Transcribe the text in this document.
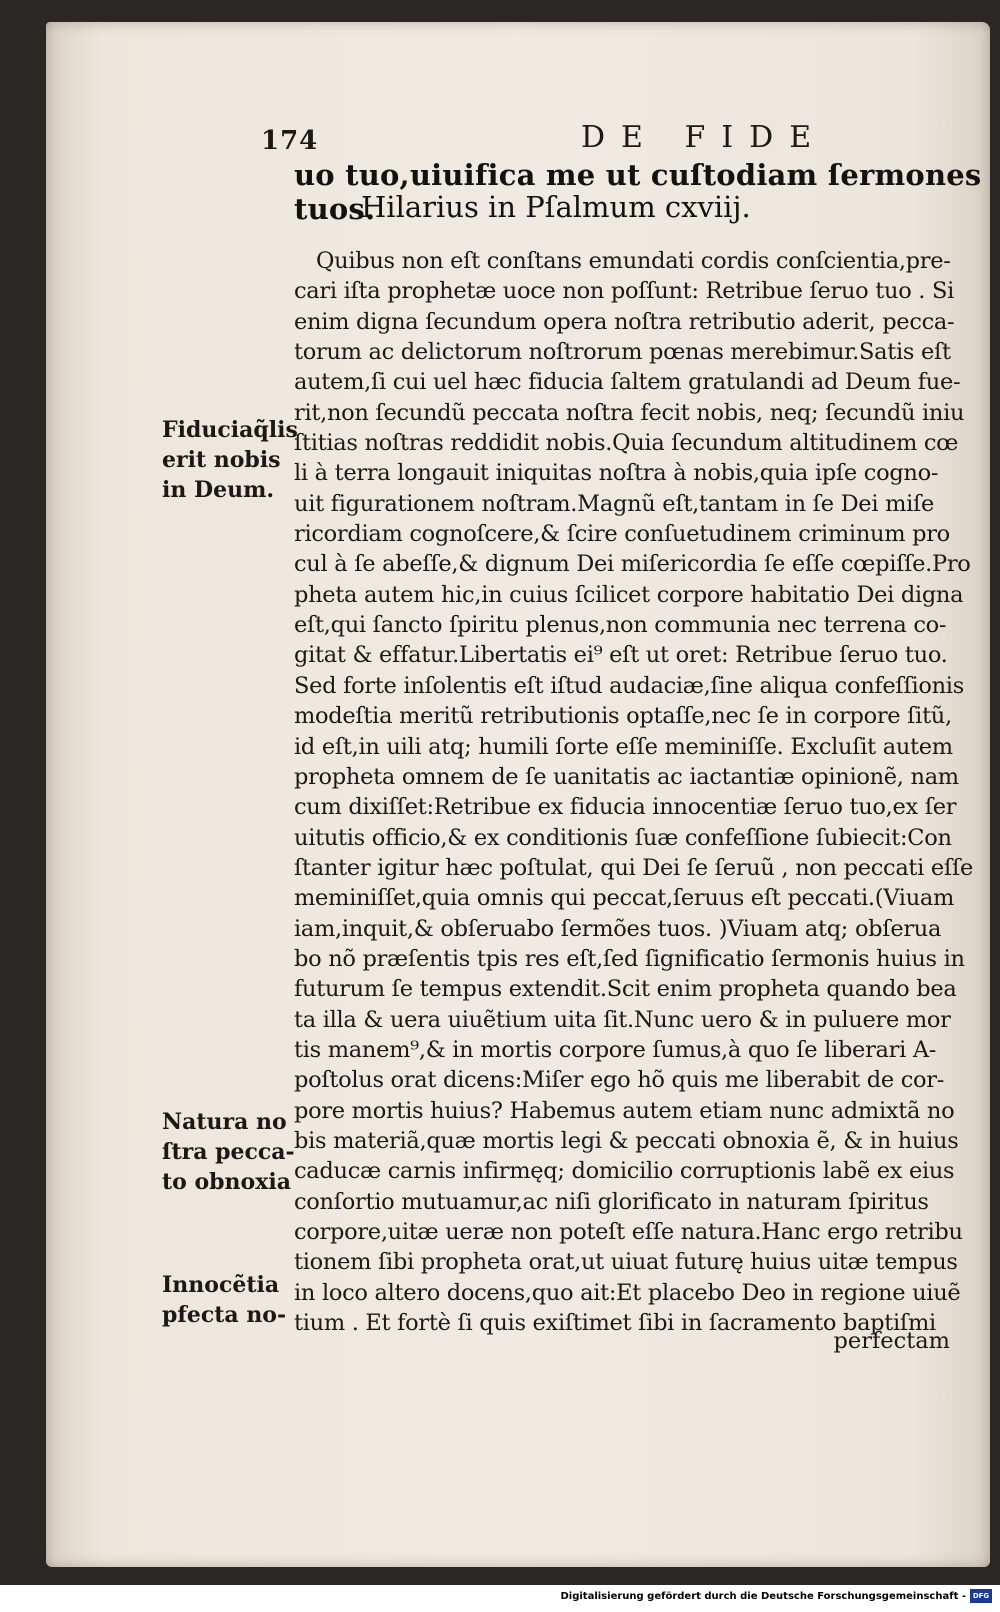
174	DE FIDE
uo tuo,uiuifica me ut cuſtodiam ſermones tuos.
Hilarius in Pſalmum cxviij.
Quibus non eſt conſtans emundati cordis conſcientia,pre-
cari iſta prophetæ uoce non poſſunt: Retribue ſeruo tuo . Si
enim digna ſecundum opera noſtra retributio aderit, pecca-
torum ac delictorum noſtrorum pœnas merebimur.Satis eſt
autem,ſi cui uel hæc fiducia ſaltem gratulandi ad Deum fue-
rit,non ſecundũ peccata noſtra fecit nobis, neq; ſecundũ iniu
ſtitias noſtras reddidit nobis.Quia ſecundum altitudinem cœ
li à terra longauit iniquitas noſtra à nobis,quia ipſe cogno-
uit figurationem noſtram.Magnũ eſt,tantam in ſe Dei miſe
ricordiam cognoſcere,& ſcire conſuetudinem criminum pro
cul à ſe abeſſe,& dignum Dei miſericordia ſe eſſe cœpiſſe.Pro
pheta autem hic,in cuius ſcilicet corpore habitatio Dei digna
eſt,qui ſancto ſpiritu plenus,non communia nec terrena co-
gitat & effatur.Libertatis ei⁹ eſt ut oret: Retribue ſeruo tuo.
Sed forte inſolentis eſt iſtud audaciæ,ſine aliqua confeſſionis
modeſtia meritũ retributionis optaſſe,nec ſe in corpore ſitũ,
id eſt,in uili atq; humili ſorte eſſe meminiſſe. Excluſit autem
propheta omnem de ſe uanitatis ac iactantiæ opinionẽ, nam
cum dixiſſet:Retribue ex fiducia innocentiæ ſeruo tuo,ex ſer
uitutis officio,& ex conditionis ſuæ confeſſione ſubiecit:Con
ſtanter igitur hæc poſtulat, qui Dei ſe ſeruũ , non peccati eſſe
meminiſſet,quia omnis qui peccat,ſeruus eſt peccati.(Viuam
iam,inquit,& obſeruabo ſermões tuos. )Viuam atq; obſerua
bo nõ præſentis tpis res eſt,ſed ſignificatio ſermonis huius in
futurum ſe tempus extendit.Scit enim propheta quando bea
ta illa & uera uiuẽtium uita ſit.Nunc uero & in puluere mor
tis manem⁹,& in mortis corpore ſumus,à quo ſe liberari A-
poſtolus orat dicens:Miſer ego hõ quis me liberabit de cor-
pore mortis huius? Habemus autem etiam nunc admixtã no
bis materiã,quæ mortis legi & peccati obnoxia ẽ, & in huius
caducæ carnis infirmęq; domicilio corruptionis labẽ ex eius
conſortio mutuamur,ac niſi glorificato in naturam ſpiritus
corpore,uitæ ueræ non poteſt eſſe natura.Hanc ergo retribu
tionem ſibi propheta orat,ut uiuat futurę huius uitæ tempus
in loco altero docens,quo ait:Et placebo Deo in regione uiuẽ
tium . Et fortè ſi quis exiſtimet ſibi in ſacramento baptiſmi
perfectam
Fiduciaq̃lis
erit nobis
in Deum.
Natura no
ſtra pecca-
to obnoxia
Innocẽtia
pfecta no-
Digitalisierung gefördert durch die Deutsche Forschungsgemeinschaft - DFG
